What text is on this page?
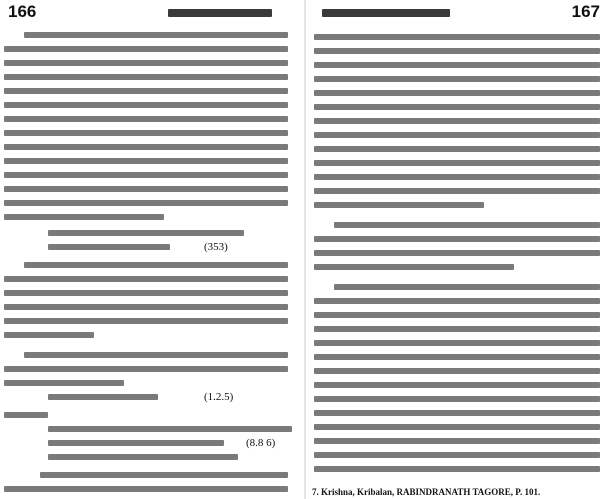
166
(353)
(1.2.5)
(8.8 6)
167
7. Krishna, Kribalan, RABINDRANATH TAGORE, P. 101.
